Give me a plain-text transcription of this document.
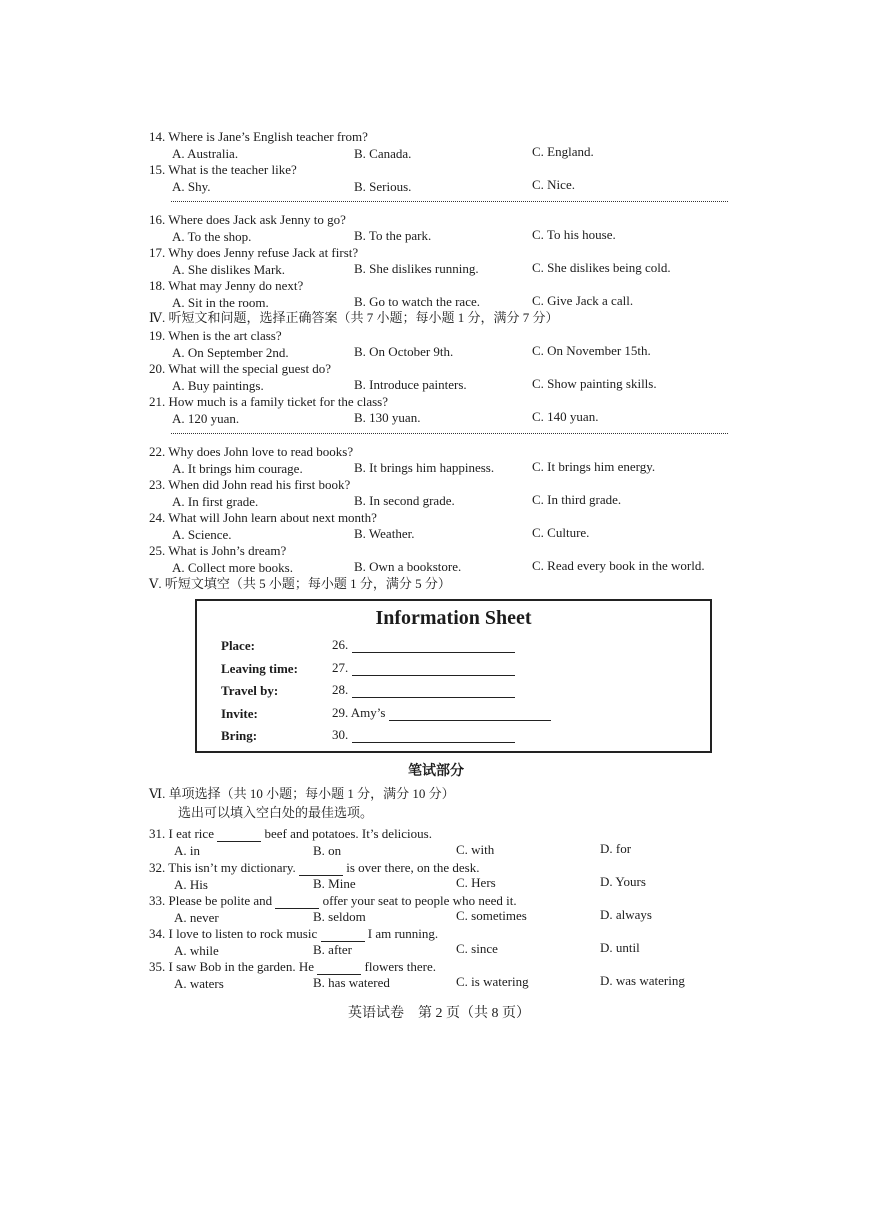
14. Where is Jane’s English teacher from?
A. Australia.	B. Canada.	C. England.
15. What is the teacher like?
A. Shy.	B. Serious.	C. Nice.
16. Where does Jack ask Jenny to go?
A. To the shop.	B. To the park.	C. To his house.
17. Why does Jenny refuse Jack at first?
A. She dislikes Mark.	B. She dislikes running.	C. She dislikes being cold.
18. What may Jenny do next?
A. Sit in the room.	B. Go to watch the race.	C. Give Jack a call.
Ⅳ. 听短文和问题，选择正确答案（共 7 小题；每小题 1 分，满分 7 分）
19. When is the art class?
A. On September 2nd.	B. On October 9th.	C. On November 15th.
20. What will the special guest do?
A. Buy paintings.	B. Introduce painters.	C. Show painting skills.
21. How much is a family ticket for the class?
A. 120 yuan.	B. 130 yuan.	C. 140 yuan.
22. Why does John love to read books?
A. It brings him courage.	B. It brings him happiness.	C. It brings him energy.
23. When did John read his first book?
A. In first grade.	B. In second grade.	C. In third grade.
24. What will John learn about next month?
A. Science.	B. Weather.	C. Culture.
25. What is John’s dream?
A. Collect more books.	B. Own a bookstore.	C. Read every book in the world.
Ⅴ. 听短文填空（共 5 小题；每小题 1 分，满分 5 分）
Information Sheet
Place:	26.
Leaving time:	27.
Travel by:	28.
Invite:	29. Amy’s
Bring:	30.
笔试部分
Ⅵ. 单项选择（共 10 小题；每小题 1 分，满分 10 分）
选出可以填入空白处的最佳选项。
31. I eat rice	beef and potatoes. It’s delicious.
A. in	B. on	C. with	D. for
32. This isn’t my dictionary.	is over there, on the desk.
A. His	B. Mine	C. Hers	D. Yours
33. Please be polite and	offer your seat to people who need it.
A. never	B. seldom	C. sometimes	D. always
34. I love to listen to rock music	I am running.
A. while	B. after	C. since	D. until
35. I saw Bob in the garden. He	flowers there.
A. waters	B. has watered	C. is watering	D. was watering
英语试卷　第 2 页（共 8 页）
